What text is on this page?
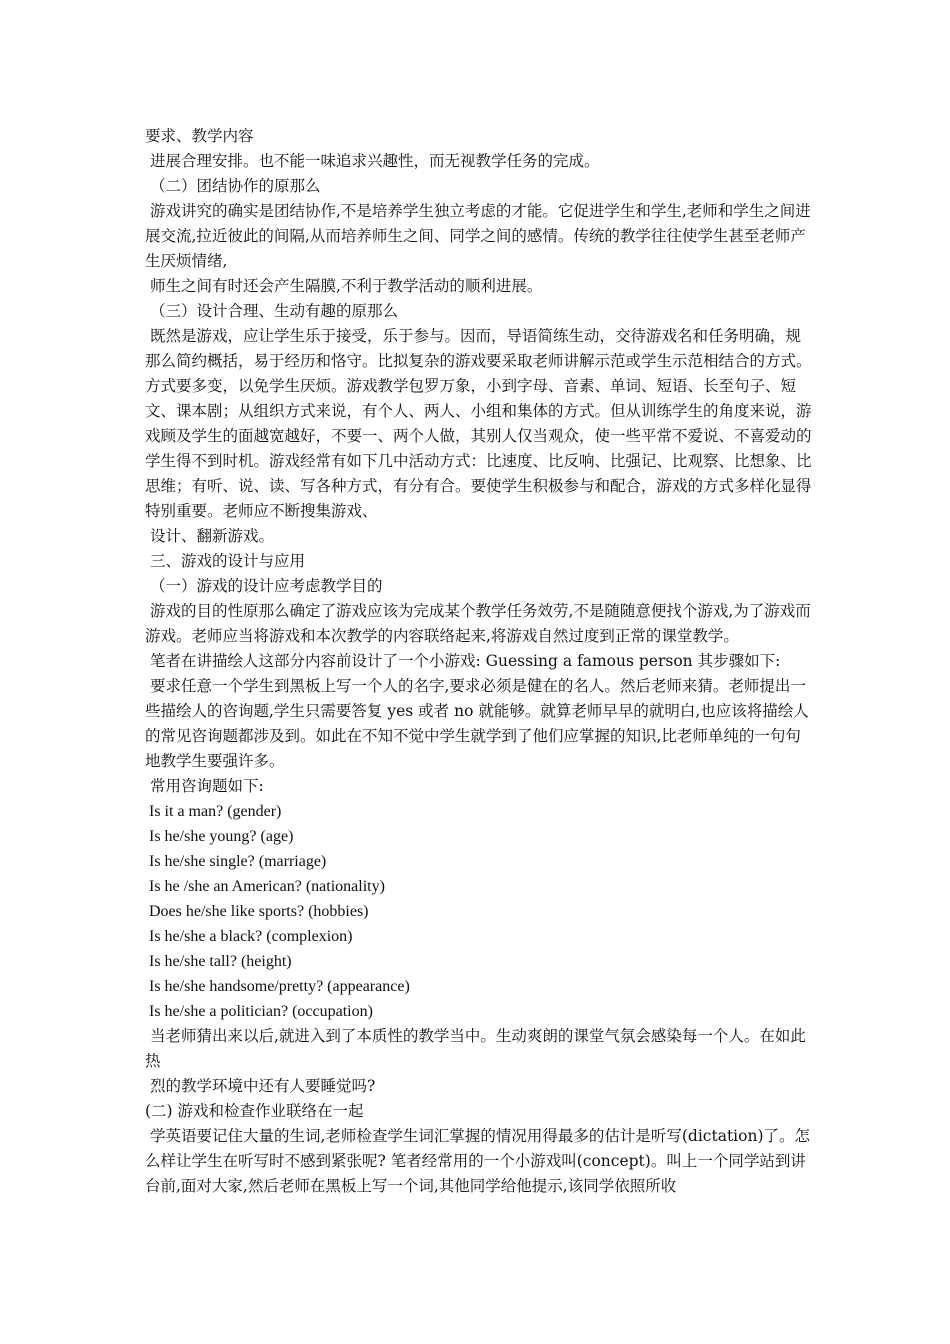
要求、教学内容

进展合理安排。也不能一味追求兴趣性，而无视教学任务的完成。

（二）团结协作的原那么

游戏讲究的确实是团结协作,不是培养学生独立考虑的才能。它促进学生和学生,老师和学生之间进展交流,拉近彼此的间隔,从而培养师生之间、同学之间的感情。传统的教学往往使学生甚至老师产生厌烦情绪,

师生之间有时还会产生隔膜,不利于教学活动的顺利进展。

（三）设计合理、生动有趣的原那么

既然是游戏，应让学生乐于接受，乐于参与。因而，导语简练生动，交待游戏名和任务明确，规那么简约概括，易于经历和恪守。比拟复杂的游戏要采取老师讲解示范或学生示范相结合的方式。  方式要多变，以免学生厌烦。游戏教学包罗万象，小到字母、音素、单词、短语、长至句子、短文、课本剧；从组织方式来说，有个人、两人、小组和集体的方式。但从训练学生的角度来说，游戏顾及学生的面越宽越好，不要一、两个人做，其别人仅当观众，使一些平常不爱说、不喜爱动的学生得不到时机。游戏经常有如下几中活动方式：比速度、比反响、比强记、比观察、比想象、比思维；有听、说、读、写各种方式，有分有合。要使学生积极参与和配合，游戏的方式多样化显得特别重要。老师应不断搜集游戏、

设计、翻新游戏。

三、游戏的设计与应用

（一）游戏的设计应考虑教学目的

游戏的目的性原那么确定了游戏应该为完成某个教学任务效劳,不是随随意便找个游戏,为了游戏而游戏。老师应当将游戏和本次教学的内容联络起来,将游戏自然过度到正常的课堂教学。

笔者在讲描绘人这部分内容前设计了一个小游戏: Guessing a famous person 其步骤如下:

要求任意一个学生到黑板上写一个人的名字,要求必须是健在的名人。然后老师来猜。老师提出一些描绘人的咨询题,学生只需要答复 yes 或者 no 就能够。就算老师早早的就明白,也应该将描绘人的常见咨询题都涉及到。如此在不知不觉中学生就学到了他们应掌握的知识,比老师单纯的一句句地教学生要强许多。

常用咨询题如下:

Is it a man? (gender)

Is he/she young? (age)

Is he/she single? (marriage)

Is he /she an American? (nationality)

Does he/she like sports? (hobbies)

Is he/she a black? (complexion)

Is he/she tall? (height)

Is he/she handsome/pretty? (appearance)

Is he/she a politician? (occupation)

当老师猜出来以后,就进入到了本质性的教学当中。生动爽朗的课堂气氛会感染每一个人。在如此热

烈的教学环境中还有人要睡觉吗?

(二) 游戏和检查作业联络在一起

学英语要记住大量的生词,老师检查学生词汇掌握的情况用得最多的估计是听写(dictation)了。怎么样让学生在听写时不感到紧张呢? 笔者经常用的一个小游戏叫(concept)。叫上一个同学站到讲台前,面对大家,然后老师在黑板上写一个词,其他同学给他提示,该同学依照所收
